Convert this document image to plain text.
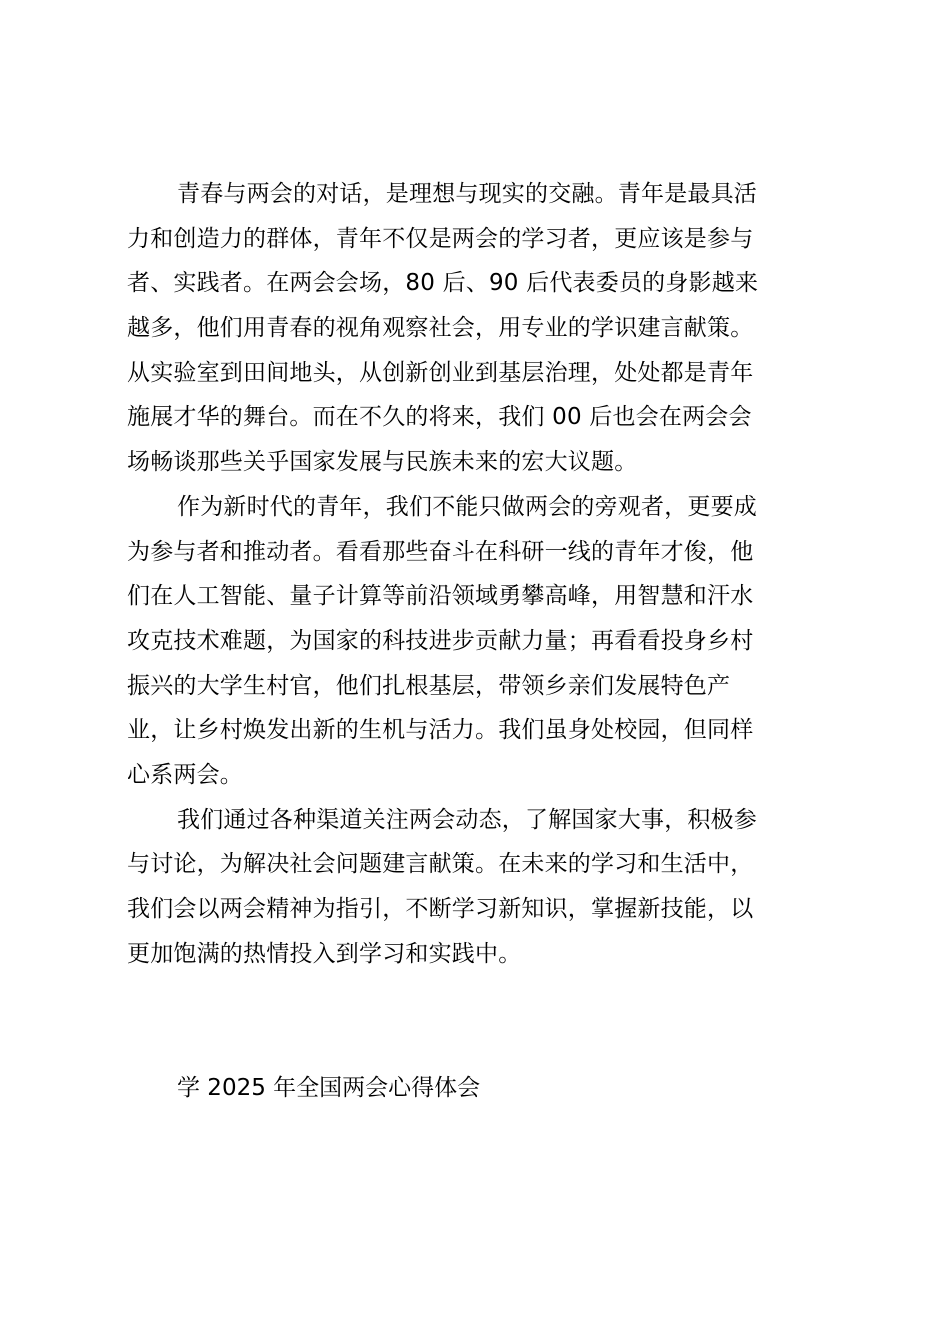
青春与两会的对话，是理想与现实的交融。青年是最具活
力和创造力的群体，青年不仅是两会的学习者，更应该是参与
者、实践者。在两会会场，80 后、90 后代表委员的身影越来
越多，他们用青春的视角观察社会，用专业的学识建言献策。
从实验室到田间地头，从创新创业到基层治理，处处都是青年
施展才华的舞台。而在不久的将来，我们 00 后也会在两会会
场畅谈那些关乎国家发展与民族未来的宏大议题。
作为新时代的青年，我们不能只做两会的旁观者，更要成
为参与者和推动者。看看那些奋斗在科研一线的青年才俊，他
们在人工智能、量子计算等前沿领域勇攀高峰，用智慧和汗水
攻克技术难题，为国家的科技进步贡献力量；再看看投身乡村
振兴的大学生村官，他们扎根基层，带领乡亲们发展特色产
业，让乡村焕发出新的生机与活力。我们虽身处校园，但同样
心系两会。
我们通过各种渠道关注两会动态，了解国家大事，积极参
与讨论，为解决社会问题建言献策。在未来的学习和生活中，
我们会以两会精神为指引，不断学习新知识，掌握新技能，以
更加饱满的热情投入到学习和实践中。
学 2025 年全国两会心得体会
